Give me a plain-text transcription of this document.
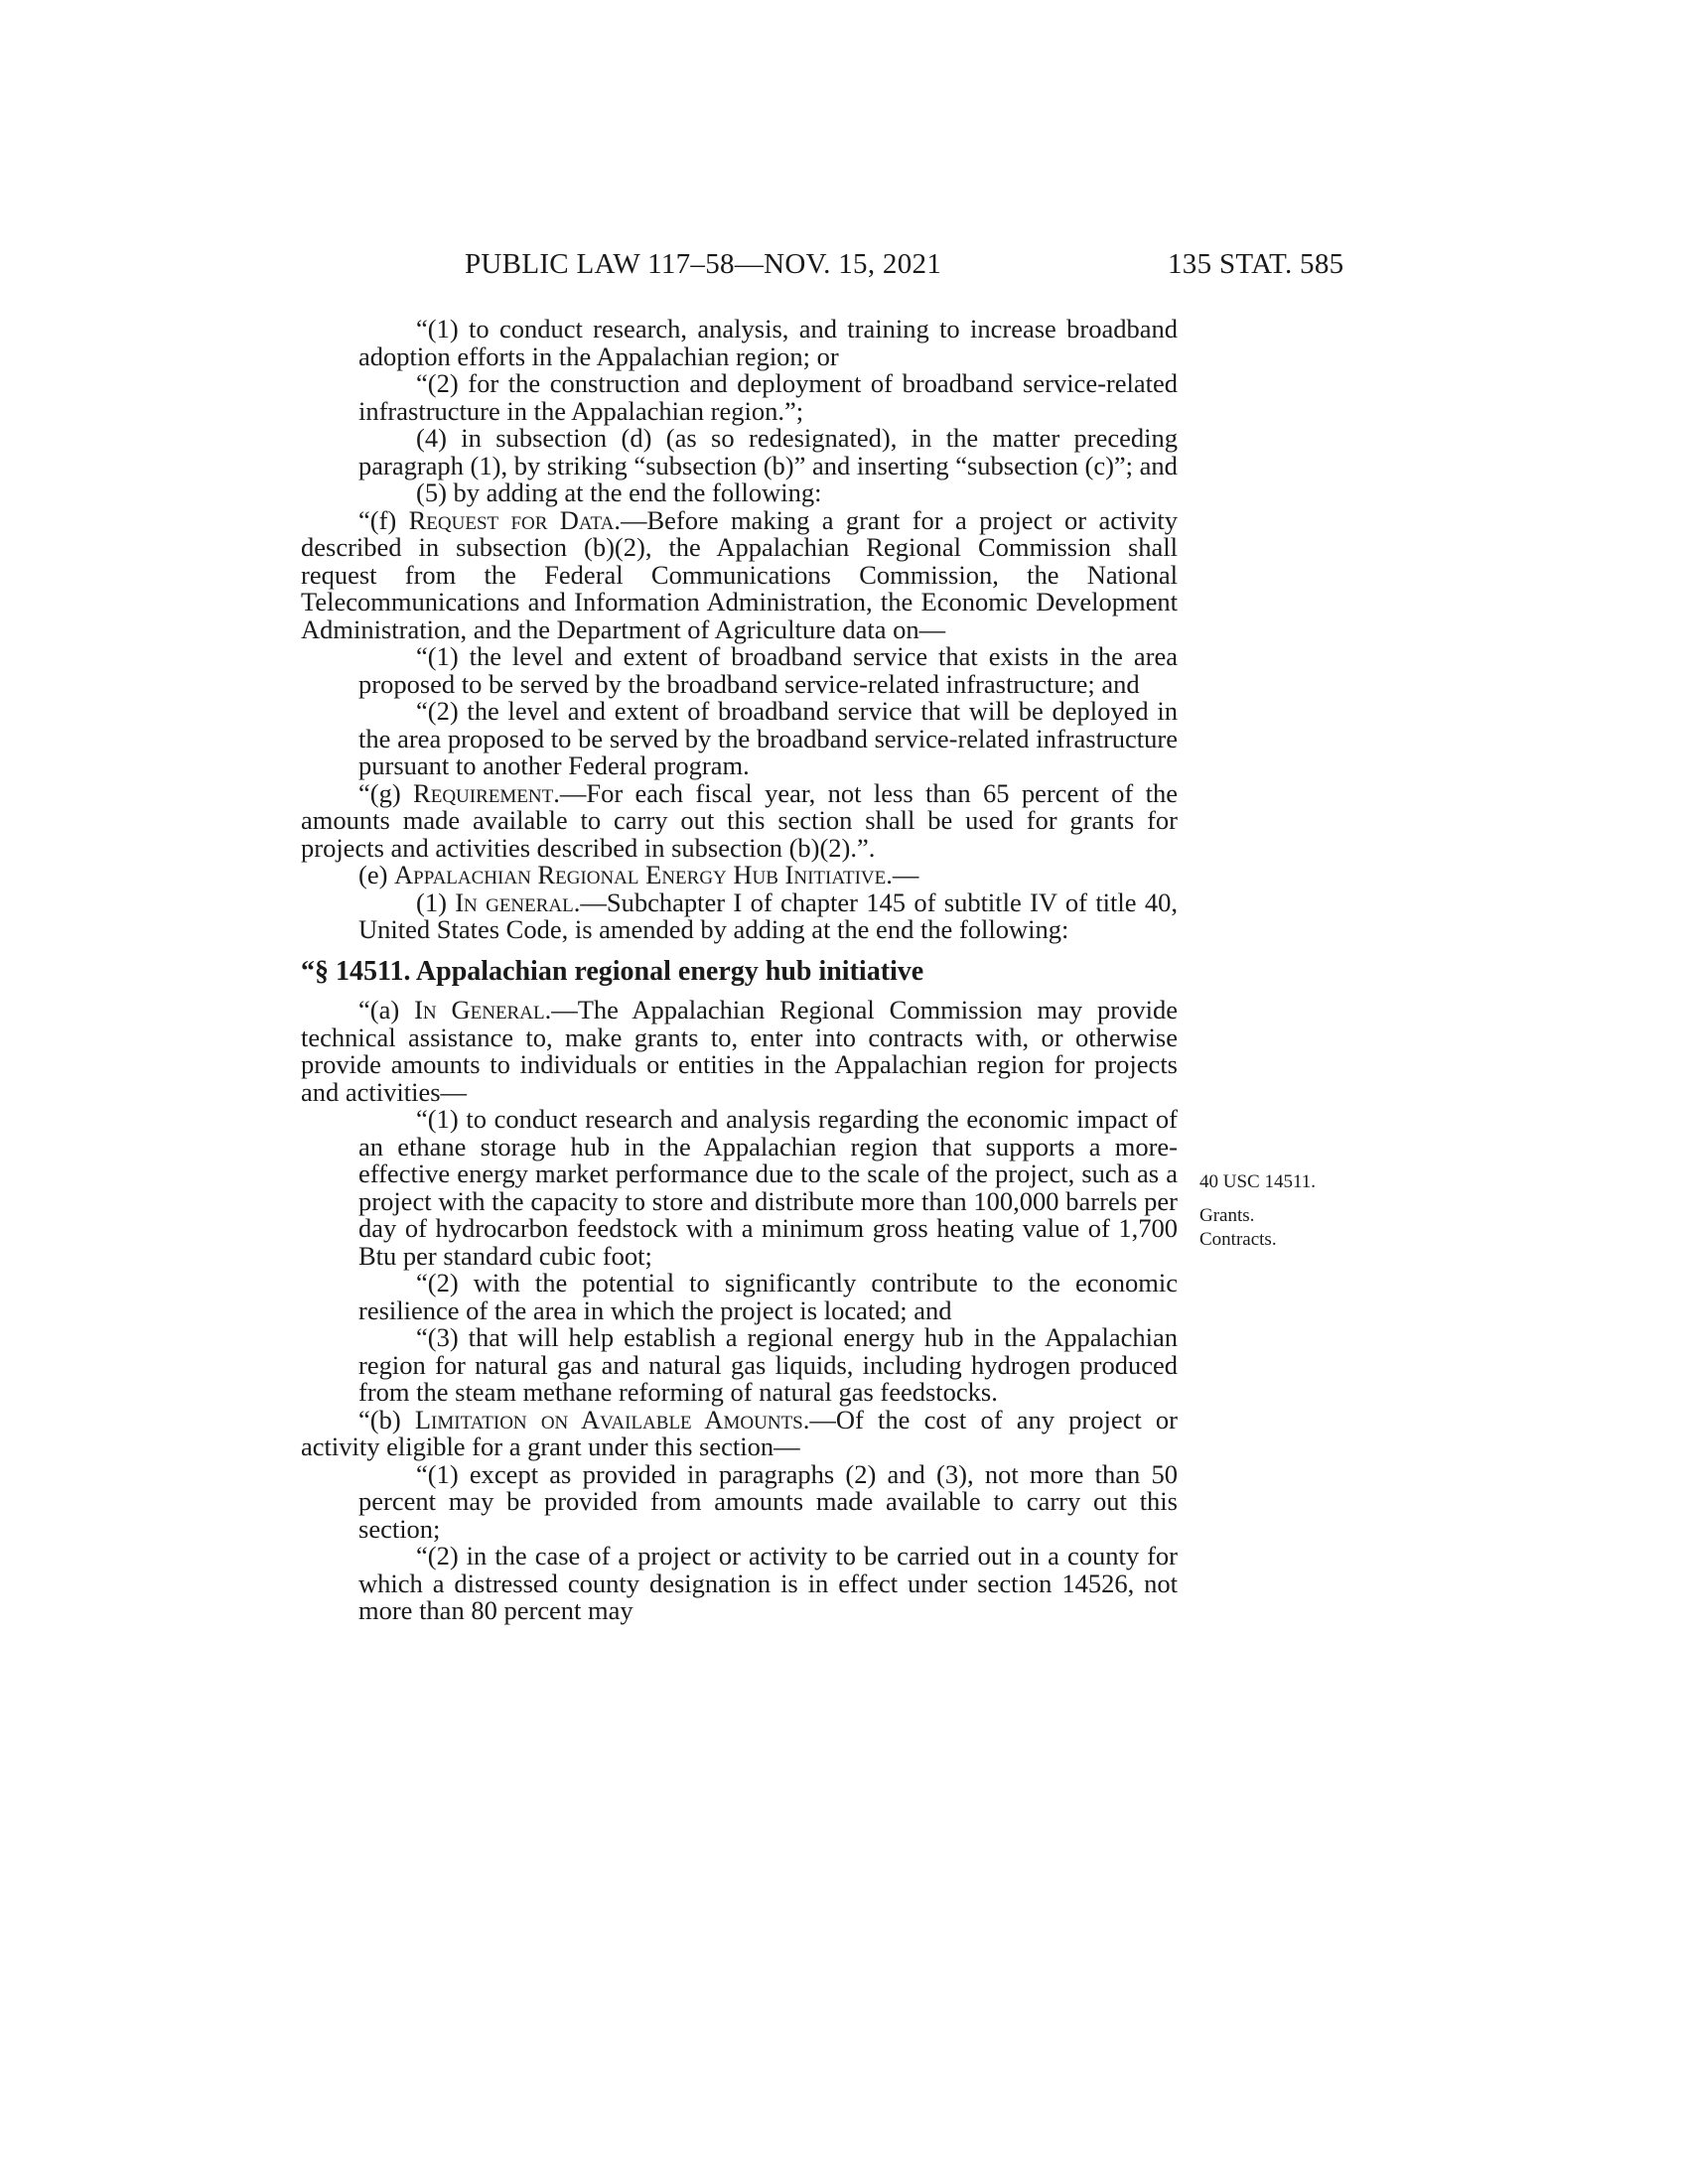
PUBLIC LAW 117–58—NOV. 15, 2021	135 STAT. 585

“(1) to conduct research, analysis, and training to increase broadband adoption efforts in the Appalachian region; or

“(2) for the construction and deployment of broadband service-related infrastructure in the Appalachian region.”;

(4) in subsection (d) (as so redesignated), in the matter preceding paragraph (1), by striking “subsection (b)” and inserting “subsection (c)”; and

(5) by adding at the end the following:

“(f) Request for Data.—Before making a grant for a project or activity described in subsection (b)(2), the Appalachian Regional Commission shall request from the Federal Communications Commission, the National Telecommunications and Information Administration, the Economic Development Administration, and the Department of Agriculture data on—

“(1) the level and extent of broadband service that exists in the area proposed to be served by the broadband service-related infrastructure; and

“(2) the level and extent of broadband service that will be deployed in the area proposed to be served by the broadband service-related infrastructure pursuant to another Federal program.

“(g) Requirement.—For each fiscal year, not less than 65 percent of the amounts made available to carry out this section shall be used for grants for projects and activities described in subsection (b)(2).”.

(e) Appalachian Regional Energy Hub Initiative.—

(1) In general.—Subchapter I of chapter 145 of subtitle IV of title 40, United States Code, is amended by adding at the end the following:

“§ 14511. Appalachian regional energy hub initiative

“(a) In General.—The Appalachian Regional Commission may provide technical assistance to, make grants to, enter into contracts with, or otherwise provide amounts to individuals or entities in the Appalachian region for projects and activities—

“(1) to conduct research and analysis regarding the economic impact of an ethane storage hub in the Appalachian region that supports a more-effective energy market performance due to the scale of the project, such as a project with the capacity to store and distribute more than 100,000 barrels per day of hydrocarbon feedstock with a minimum gross heating value of 1,700 Btu per standard cubic foot;

“(2) with the potential to significantly contribute to the economic resilience of the area in which the project is located; and

“(3) that will help establish a regional energy hub in the Appalachian region for natural gas and natural gas liquids, including hydrogen produced from the steam methane reforming of natural gas feedstocks.

“(b) Limitation on Available Amounts.—Of the cost of any project or activity eligible for a grant under this section—

“(1) except as provided in paragraphs (2) and (3), not more than 50 percent may be provided from amounts made available to carry out this section;

“(2) in the case of a project or activity to be carried out in a county for which a distressed county designation is in effect under section 14526, not more than 80 percent may

40 USC 14511.
Grants.
Contracts.
